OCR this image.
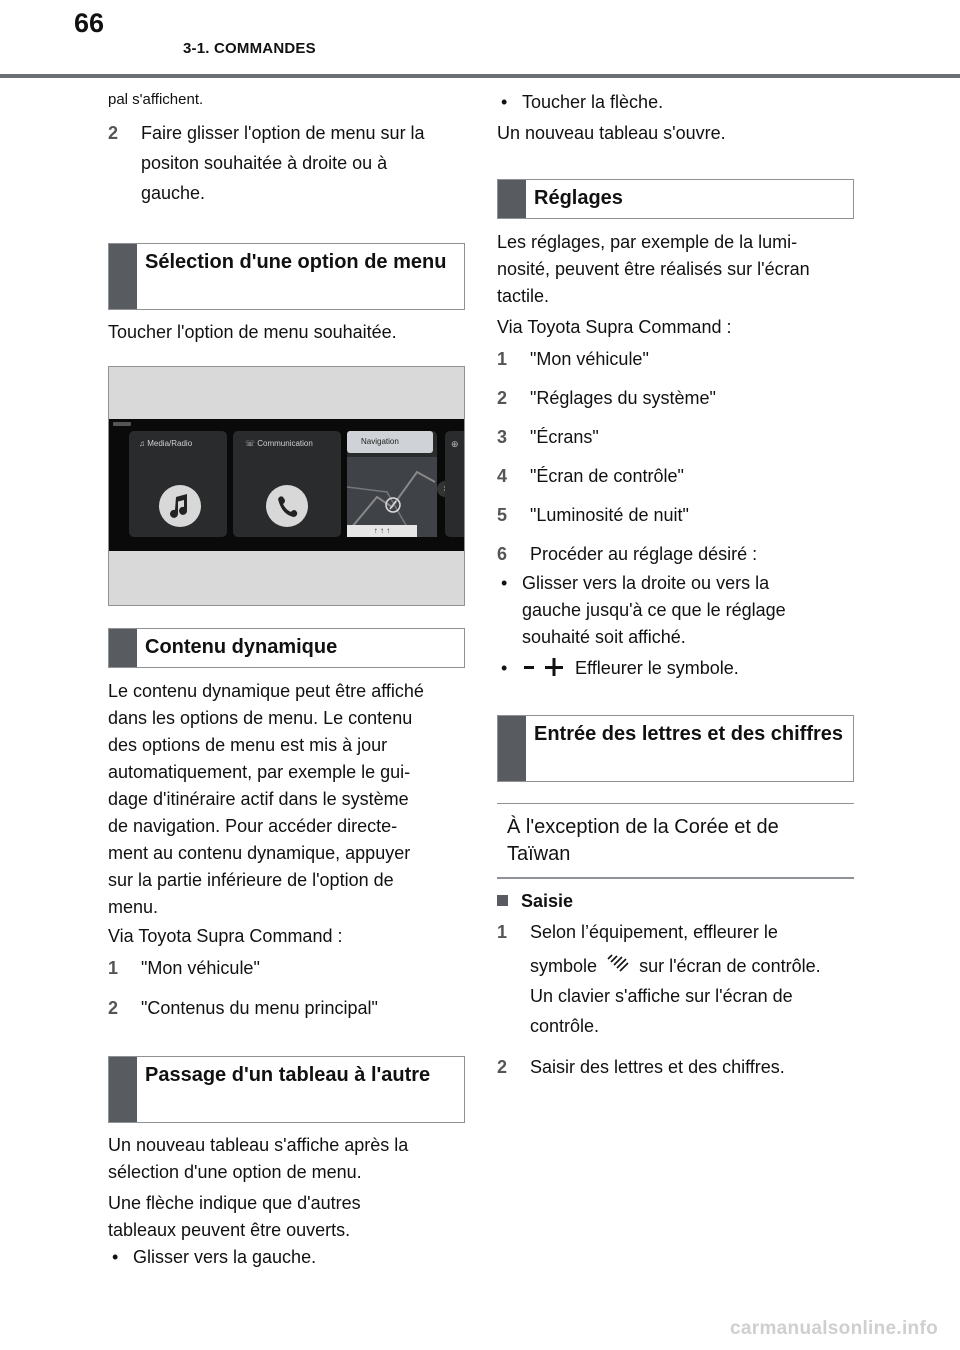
66
3-1. COMMANDES

pal s'affichent.

2 Faire glisser l'option de menu sur la
positon souhaitée à droite ou à
gauche.
Sélection d'une option de menu

Toucher l'option de menu souhaitée.

♫ Media/Radio	☏ Communication	Navigation
↑ ↑ ↑
⊕
Contenu dynamique

Le contenu dynamique peut être affiché

dans les options de menu. Le contenu

des options de menu est mis à jour

automatiquement, par exemple le gui-

dage d'itinéraire actif dans le système

de navigation. Pour accéder directe-

ment au contenu dynamique, appuyer

sur la partie inférieure de l'option de

menu.

Via Toyota Supra Command :

1 "Mon véhicule"
2 "Contenus du menu principal"
Passage d'un tableau à l'autre

Un nouveau tableau s'affiche après la

sélection d'une option de menu.

Une flèche indique que d'autres

tableaux peuvent être ouverts.

• Glisser vers la gauche.
• Toucher la flèche.

Un nouveau tableau s'ouvre.

Réglages

Les réglages, par exemple de la lumi-

nosité, peuvent être réalisés sur l'écran

tactile.

Via Toyota Supra Command :

1 "Mon véhicule"
2 "Réglages du système"
3 "Écrans"
4 "Écran de contrôle"
5 "Luminosité de nuit"
6 Procéder au réglage désiré :
• Glisser vers la droite ou vers la
gauche jusqu'à ce que le réglage
souhaité soit affiché.
•	Effleurer le symbole.
Entrée des lettres et des chiffres
À l'exception de la Corée et de Taïwan
Saisie
1 Selon l’équipement, effleurer le
symbole sur l'écran de contrôle.
Un clavier s'affiche sur l'écran de
contrôle.
2 Saisir des lettres et des chiffres.
carmanualsonline.info
